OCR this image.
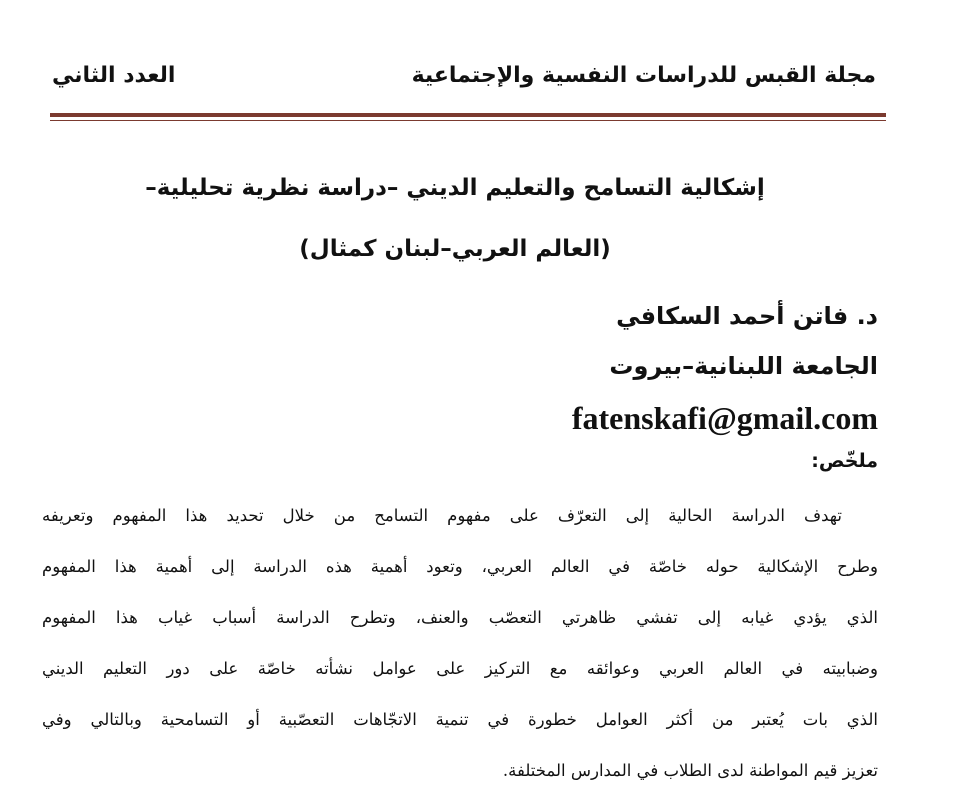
مجلة القبس للدراسات النفسية والإجتماعية
العدد الثاني
إشكالية التسامح والتعليم الديني –دراسة نظرية تحليلية–
(العالم العربي–لبنان كمثال)
د. فاتن أحمد السكافي
الجامعة اللبنانية–بيروت
fatenskafi@gmail.com
ملخّص:
تهدف الدراسة الحالية إلى التعرّف على مفهوم التسامح من خلال تحديد هذا المفهوم وتعريفه
وطرح الإشكالية حوله خاصّة في العالم العربي، وتعود أهمية هذه الدراسة إلى أهمية هذا المفهوم
الذي يؤدي غيابه إلى تفشي ظاهرتي التعصّب والعنف، وتطرح الدراسة أسباب غياب هذا المفهوم
وضبابيته في العالم العربي وعوائقه مع التركيز على عوامل نشأته خاصّة على دور التعليم الديني
الذي بات يُعتبر من أكثر العوامل خطورة في تنمية الاتجّاهات التعصّبية أو التسامحية وبالتالي وفي
تعزيز قيم المواطنة لدى الطلاب في المدارس المختلفة.
